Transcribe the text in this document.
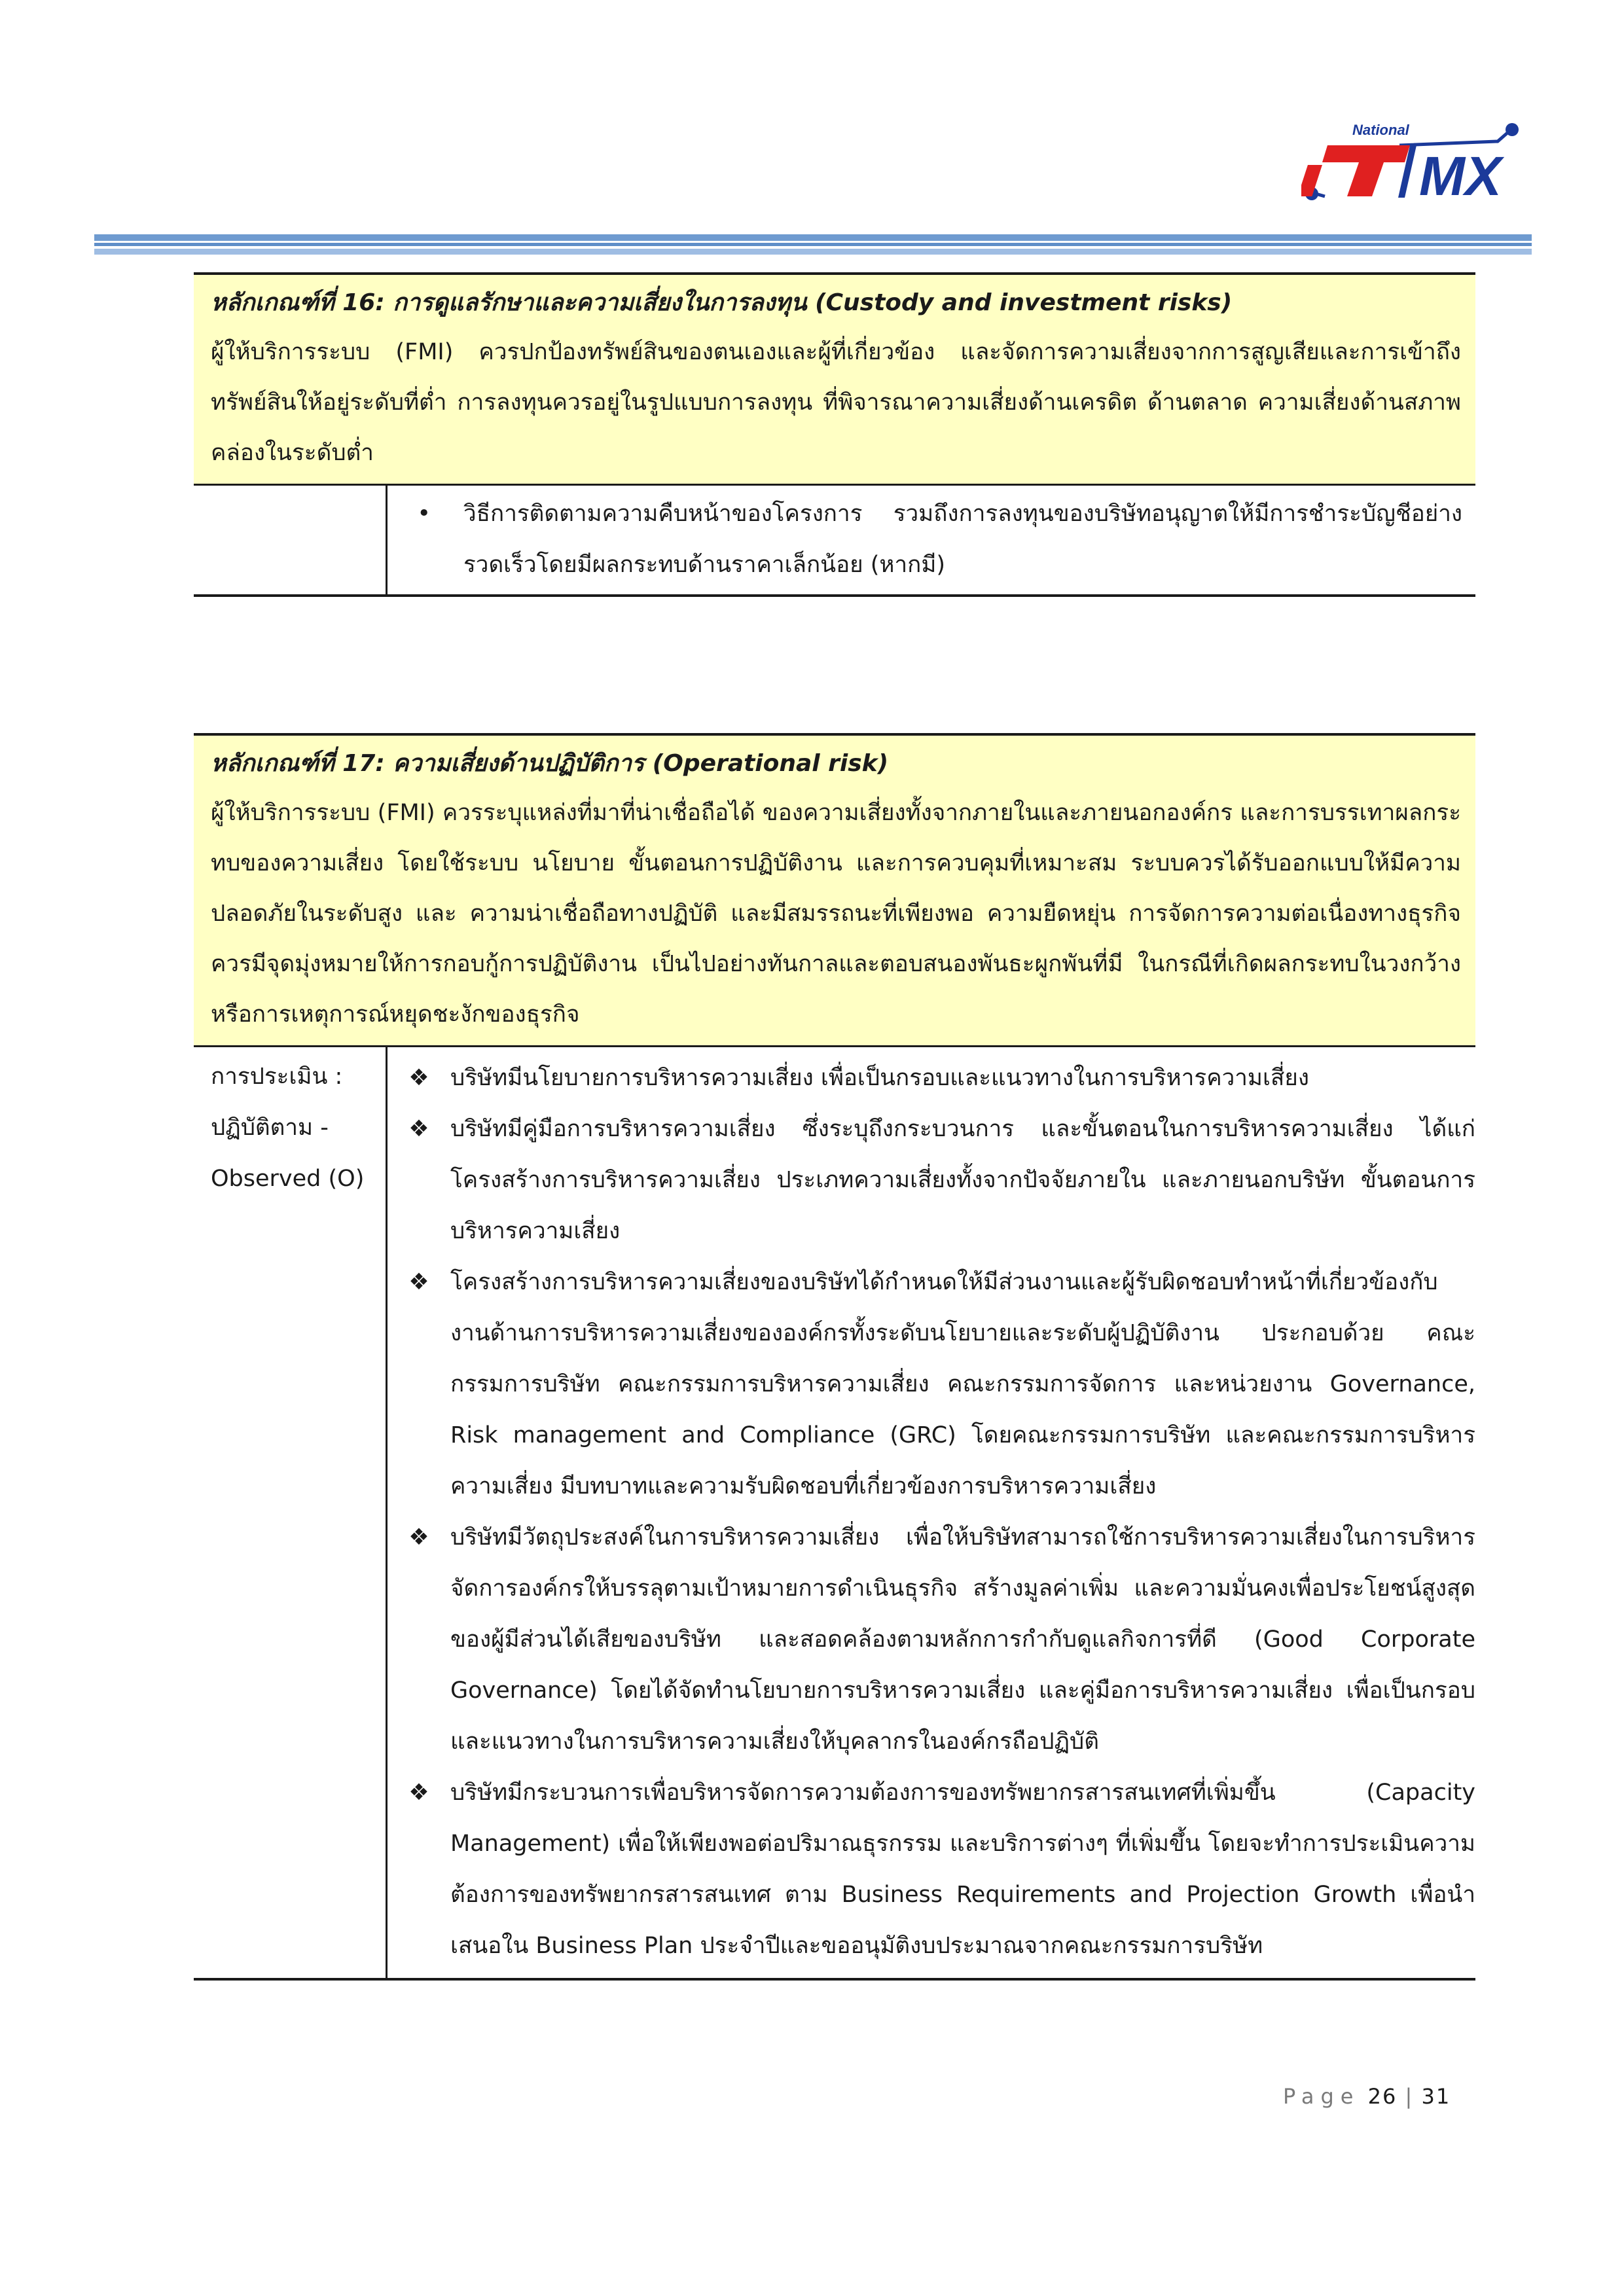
National
MX
หลักเกณฑ์ที่ 16: การดูแลรักษาและความเสี่ยงในการลงทุน (Custody and investment risks)
ผู้ให้บริการระบบ (FMI) ควรปกป้องทรัพย์สินของตนเองและผู้ที่เกี่ยวข้อง และจัดการความเสี่ยงจากการสูญเสียและการเข้าถึงทรัพย์สินให้อยู่ระดับที่ต่ำ การลงทุนควรอยู่ในรูปแบบการลงทุน ที่พิจารณาความเสี่ยงด้านเครดิต ด้านตลาด ความเสี่ยงด้านสภาพคล่องในระดับต่ำ
•	วิธีการติดตามความคืบหน้าของโครงการ รวมถึงการลงทุนของบริษัทอนุญาตให้มีการชำระบัญชีอย่างรวดเร็วโดยมีผลกระทบด้านราคาเล็กน้อย (หากมี)
หลักเกณฑ์ที่ 17: ความเสี่ยงด้านปฏิบัติการ (Operational risk)
ผู้ให้บริการระบบ (FMI) ควรระบุแหล่งที่มาที่น่าเชื่อถือได้ ของความเสี่ยงทั้งจากภายในและภายนอกองค์กร และการบรรเทาผลกระทบของความเสี่ยง โดยใช้ระบบ นโยบาย ขั้นตอนการปฏิบัติงาน และการควบคุมที่เหมาะสม ระบบควรได้รับออกแบบให้มีความปลอดภัยในระดับสูง และ ความน่าเชื่อถือทางปฏิบัติ และมีสมรรถนะที่เพียงพอ ความยืดหยุ่น การจัดการความต่อเนื่องทางธุรกิจ ควรมีจุดมุ่งหมายให้การกอบกู้การปฏิบัติงาน เป็นไปอย่างทันกาลและตอบสนองพันธะผูกพันที่มี ในกรณีที่เกิดผลกระทบในวงกว้างหรือการเหตุการณ์หยุดชะงักของธุรกิจ
การประเมิน :
ปฏิบัติตาม -
Observed (O)
❖ บริษัทมีนโยบายการบริหารความเสี่ยง เพื่อเป็นกรอบและแนวทางในการบริหารความเสี่ยง
❖ บริษัทมีคู่มือการบริหารความเสี่ยง ซึ่งระบุถึงกระบวนการ และขั้นตอนในการบริหารความเสี่ยง ได้แก่ โครงสร้างการบริหารความเสี่ยง ประเภทความเสี่ยงทั้งจากปัจจัยภายใน และภายนอกบริษัท ขั้นตอนการบริหารความเสี่ยง
❖ โครงสร้างการบริหารความเสี่ยงของบริษัทได้กำหนดให้มีส่วนงานและผู้รับผิดชอบทำหน้าที่เกี่ยวข้องกับงานด้านการบริหารความเสี่ยงขององค์กรทั้งระดับนโยบายและระดับผู้ปฏิบัติงาน ประกอบด้วย คณะกรรมการบริษัท คณะกรรมการบริหารความเสี่ยง คณะกรรมการจัดการ และหน่วยงาน Governance, Risk management and Compliance (GRC) โดยคณะกรรมการบริษัท และคณะกรรมการบริหารความเสี่ยง มีบทบาทและความรับผิดชอบที่เกี่ยวข้องการบริหารความเสี่ยง
❖ บริษัทมีวัตถุประสงค์ในการบริหารความเสี่ยง เพื่อให้บริษัทสามารถใช้การบริหารความเสี่ยงในการบริหารจัดการองค์กรให้บรรลุตามเป้าหมายการดำเนินธุรกิจ สร้างมูลค่าเพิ่ม และความมั่นคงเพื่อประโยชน์สูงสุดของผู้มีส่วนได้เสียของบริษัท และสอดคล้องตามหลักการกำกับดูแลกิจการที่ดี (Good Corporate Governance) โดยได้จัดทำนโยบายการบริหารความเสี่ยง และคู่มือการบริหารความเสี่ยง เพื่อเป็นกรอบและแนวทางในการบริหารความเสี่ยงให้บุคลากรในองค์กรถือปฏิบัติ
❖ บริษัทมีกระบวนการเพื่อบริหารจัดการความต้องการของทรัพยากรสารสนเทศที่เพิ่มขึ้น (Capacity Management) เพื่อให้เพียงพอต่อปริมาณธุรกรรม และบริการต่างๆ ที่เพิ่มขึ้น โดยจะทำการประเมินความต้องการของทรัพยากรสารสนเทศ ตาม Business Requirements and Projection Growth เพื่อนำเสนอใน Business Plan ประจำปีและขออนุมัติงบประมาณจากคณะกรรมการบริษัท
Page 26 | 31
